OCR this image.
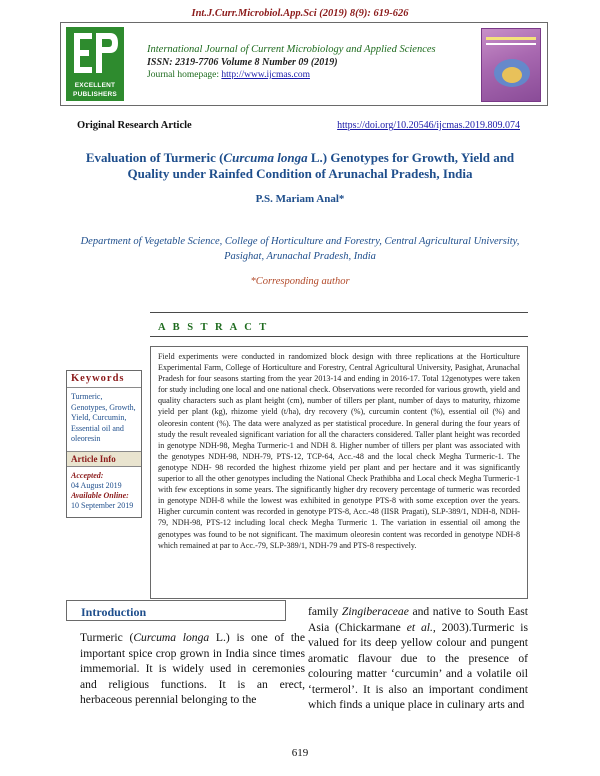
Int.J.Curr.Microbiol.App.Sci (2019) 8(9): 619-626
EXCELLENT
PUBLISHERS
International Journal of Current Microbiology and Applied Sciences
ISSN: 2319-7706 Volume 8 Number 09 (2019)
Journal homepage: http://www.ijcmas.com
Original Research Article	https://doi.org/10.20546/ijcmas.2019.809.074
Evaluation of Turmeric (Curcuma longa L.) Genotypes for Growth, Yield and Quality under Rainfed Condition of Arunachal Pradesh, India
P.S. Mariam Anal*
Department of Vegetable Science, College of Horticulture and Forestry, Central Agricultural University, Pasighat, Arunachal Pradesh, India
*Corresponding author
A B S T R A C T
Keywords
Turmeric, Genotypes, Growth, Yield, Curcumin, Essential oil and oleoresin
Article Info
Accepted:
04 August 2019
Available Online:
10 September 2019

Field experiments were conducted in randomized block design with three replications at the Horticulture Experimental Farm, College of Horticulture and Forestry, Central Agricultural University, Pasighat, Arunachal Pradesh for four seasons starting from the year 2013-14 and ending in 2016-17. Total 12genotypes were taken for study including one local and one national check. Observations were recorded for various growth, yield and quality characters such as plant height (cm), number of tillers per plant, number of days to maturity, rhizome yield per plant (kg), rhizome yield (t/ha), dry recovery (%), curcumin content (%), essential oil (%) and oleoresin content (%). The data were analyzed as per statistical procedure. In general during the four years of study the result revealed significant variation for all the characters considered. Taller plant height was recorded in genotype NDH-98, Megha Turmeric-1 and NDH 8. Higher number of tillers per plant was associated with the genotypes NDH-98, NDH-79, PTS-12, TCP-64, Acc.-48 and the local check Megha Turmeric-1. The genotype NDH- 98 recorded the highest rhizome yield per plant and per hectare and it was significantly superior to all the other genotypes including the National Check Prathibha and Local check Megha Turmeric-1 with few exceptions in some years. The significantly higher dry recovery percentage of turmeric was recorded in genotype NDH-8 while the lowest was exhibited in genotype PTS-8 with some exception over the years. Higher curcumin content was recorded in genotype PTS-8, Acc.-48 (IISR Pragati), SLP-389/1, NDH-8, NDH-79, NDH-98, PTS-12 including local check Megha Turmeric 1. The variation in essential oil among the genotypes was found to be not significant. The maximum oleoresin content was recorded in genotype NDH-8 which remained at par to Acc.-79, SLP-389/1, NDH-79 and PTS-8 respectively.

Introduction
Turmeric (Curcuma longa L.) is one of the important spice crop grown in India since times immemorial. It is widely used in ceremonies and religious functions. It is an erect, herbaceous perennial belonging to the
family Zingiberaceae and native to South East Asia (Chickarmane et al., 2003).Turmeric is valued for its deep yellow colour and pungent aromatic flavour due to the presence of colouring matter ‘curcumin’ and a volatile oil ‘termerol’. It is also an important condiment which finds a unique place in culinary arts and
619
